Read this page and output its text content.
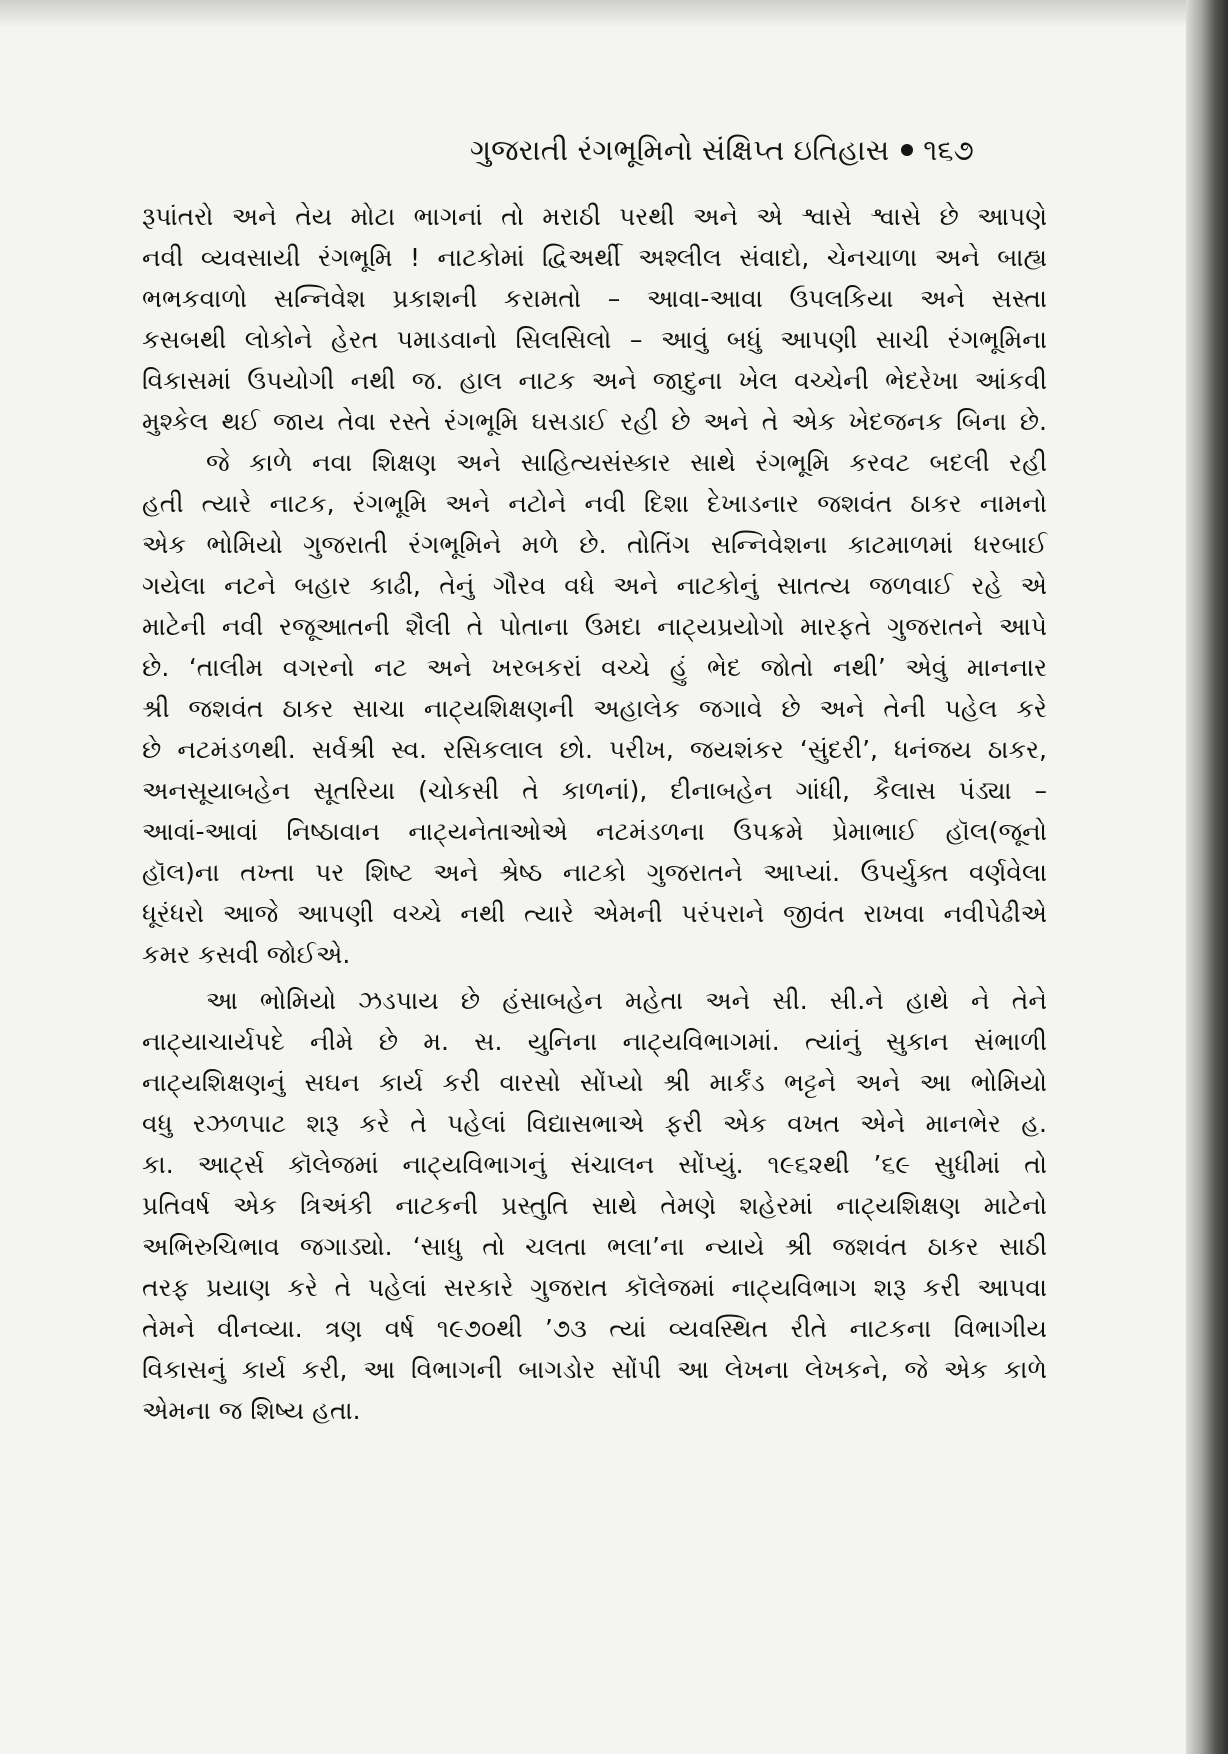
ગુજરાતી રંગભૂમિનો સંક્ષિપ્ત ઇતિહાસ ૧૬૭
રૂપાંતરો અને તેય મોટા ભાગનાં તો મરાઠી પરથી અને એ શ્વાસે શ્વાસે છે આપણે
નવી વ્યવસાયી રંગભૂમિ ! નાટકોમાં દ્વિઅર્થી અશ્લીલ સંવાદો, ચેનચાળા અને બાહ્ય
ભભકવાળો સન્નિવેશ પ્રકાશની કરામતો – આવા-આવા ઉપલકિયા અને સસ્તા
કસબથી લોકોને હેરત પમાડવાનો સિલસિલો – આવું બધું આપણી સાચી રંગભૂમિના
વિકાસમાં ઉપયોગી નથી જ. હાલ નાટક અને જાદુના ખેલ વચ્ચેની ભેદરેખા આંકવી
મુશ્કેલ થઈ જાય તેવા રસ્તે રંગભૂમિ ઘસડાઈ રહી છે અને તે એક ખેદજનક બિના છે.
જે કાળે નવા શિક્ષણ અને સાહિત્યસંસ્કાર સાથે રંગભૂમિ કરવટ બદલી રહી
હતી ત્યારે નાટક, રંગભૂમિ અને નટોને નવી દિશા દેખાડનાર જશવંત ઠાકર નામનો
એક ભોમિયો ગુજરાતી રંગભૂમિને મળે છે. તોતિંગ સન્નિવેશના કાટમાળમાં ધરબાઈ
ગયેલા નટને બહાર કાઢી, તેનું ગૌરવ વધે અને નાટકોનું સાતત્ય જળવાઈ રહે એ
માટેની નવી રજૂઆતની શૈલી તે પોતાના ઉમદા નાટ્યપ્રયોગો મારફતે ગુજરાતને આપે
છે. ‘તાલીમ વગરનો નટ અને ખરબકરાં વચ્ચે હું ભેદ જોતો નથી’ એવું માનનાર
શ્રી જશવંત ઠાકર સાચા નાટ્યશિક્ષણની અહાલેક જગાવે છે અને તેની પહેલ કરે
છે નટમંડળથી. સર્વશ્રી સ્વ. રસિકલાલ છો. પરીખ, જયશંકર ‘સુંદરી’, ધનંજય ઠાકર,
અનસૂયાબહેન સૂતરિયા (ચોકસી તે કાળનાં), દીનાબહેન ગાંધી, કૈલાસ પંડ્યા –
આવાં-આવાં નિષ્ઠાવાન નાટ્યનેતાઓએ નટમંડળના ઉપક્રમે પ્રેમાભાઈ હૉલ(જૂનો
હૉલ)ના તખ્તા પર શિષ્ટ અને શ્રેષ્ઠ નાટકો ગુજરાતને આપ્યાં. ઉપર્યુક્ત વર્ણવેલા
ધૂરંધરો આજે આપણી વચ્ચે નથી ત્યારે એમની પરંપરાને જીવંત રાખવા નવીપેઢીએ
કમર કસવી જોઈએ.
આ ભોમિયો ઝડપાય છે હંસાબહેન મહેતા અને સી. સી.ને હાથે ને તેને
નાટ્યાચાર્યપદે નીમે છે મ. સ. યુનિના નાટ્યવિભાગમાં. ત્યાંનું સુકાન સંભાળી
નાટ્યશિક્ષણનું સઘન કાર્ય કરી વારસો સોંપ્યો શ્રી માર્કંડ ભટ્ટને અને આ ભોમિયો
વધુ રઝળપાટ શરૂ કરે તે પહેલાં વિદ્યાસભાએ ફરી એક વખત એને માનભેર હ.
કા. આર્ટ્સ કૉલેજમાં નાટ્યવિભાગનું સંચાલન સોંપ્યું. ૧૯૬૨થી ’૬૯ સુધીમાં તો
પ્રતિવર્ષ એક ત્રિઅંકી નાટકની પ્રસ્તુતિ સાથે તેમણે શહેરમાં નાટ્યશિક્ષણ માટેનો
અભિરુચિભાવ જગાડ્યો. ‘સાધુ તો ચલતા ભલા’ના ન્યાયે શ્રી જશવંત ઠાકર સાઠી
તરફ પ્રયાણ કરે તે પહેલાં સરકારે ગુજરાત કૉલેજમાં નાટ્યવિભાગ શરૂ કરી આપવા
તેમને વીનવ્યા. ત્રણ વર્ષ ૧૯૭૦થી ’૭૩ ત્યાં વ્યવસ્થિત રીતે નાટકના વિભાગીય
વિકાસનું કાર્ય કરી, આ વિભાગની બાગડોર સોંપી આ લેખના લેખકને, જે એક કાળે
એમના જ શિષ્ય હતા.
